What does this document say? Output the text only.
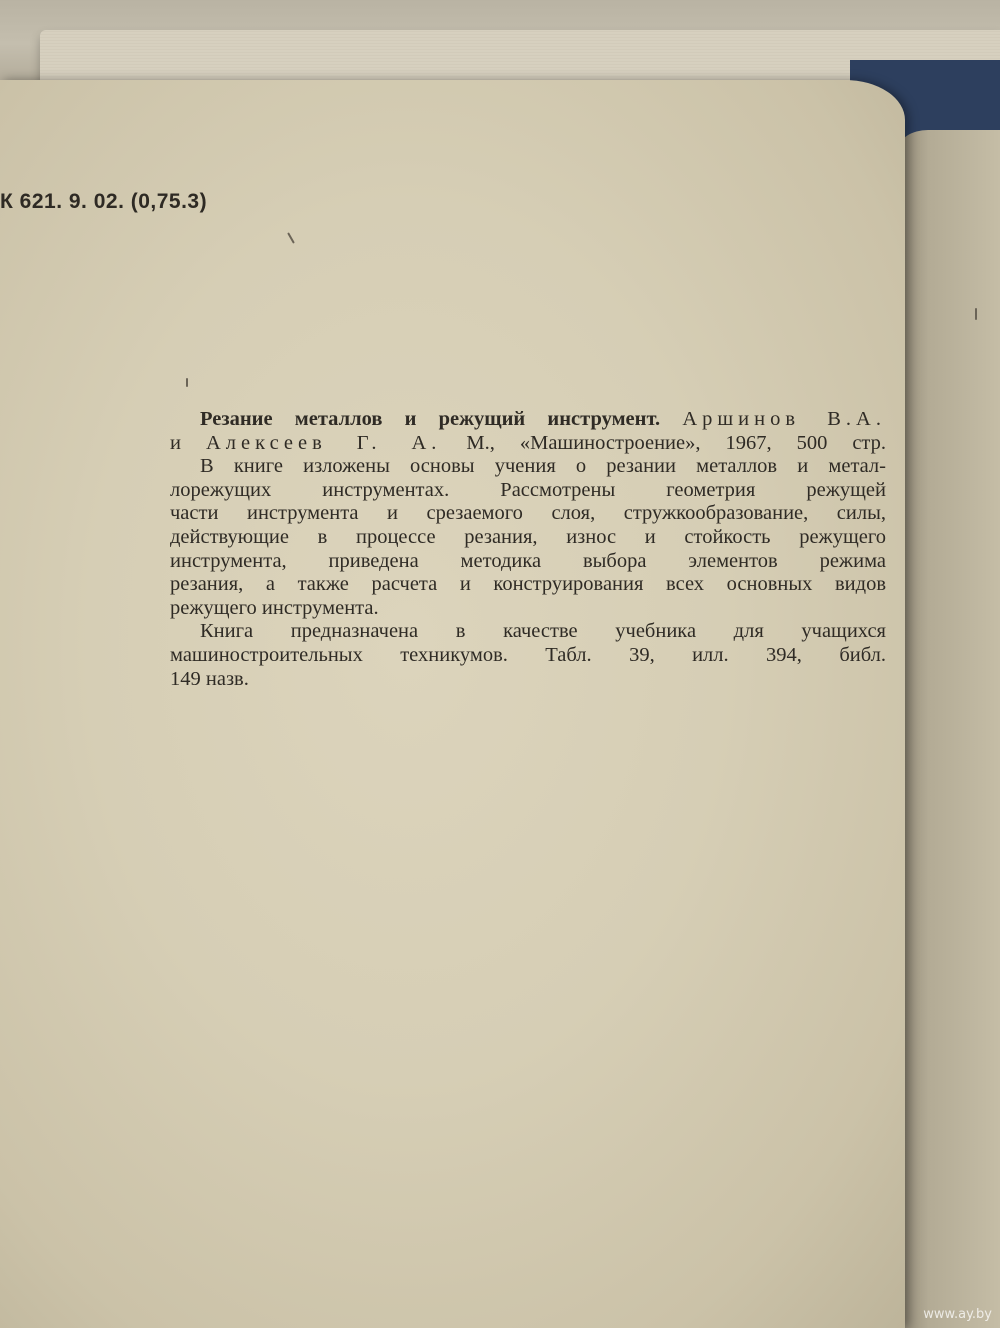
К 621. 9. 02. (0,75.3)
Резание металлов и режущий инструмент. Аршинов В.А.
и Алексеев Г. А. М., «Машиностроение», 1967, 500 стр.
В книге изложены основы учения о резании металлов и метал-
лорежущих инструментах. Рассмотрены геометрия режущей
части инструмента и срезаемого слоя, стружкообразование, силы,
действующие в процессе резания, износ и стойкость режущего
инструмента, приведена методика выбора элементов режима
резания, а также расчета и конструирования всех основных видов
режущего инструмента.
Книга предназначена в качестве учебника для учащихся
машиностроительных техникумов. Табл. 39, илл. 394, библ.
149 назв.
www.ay.by
